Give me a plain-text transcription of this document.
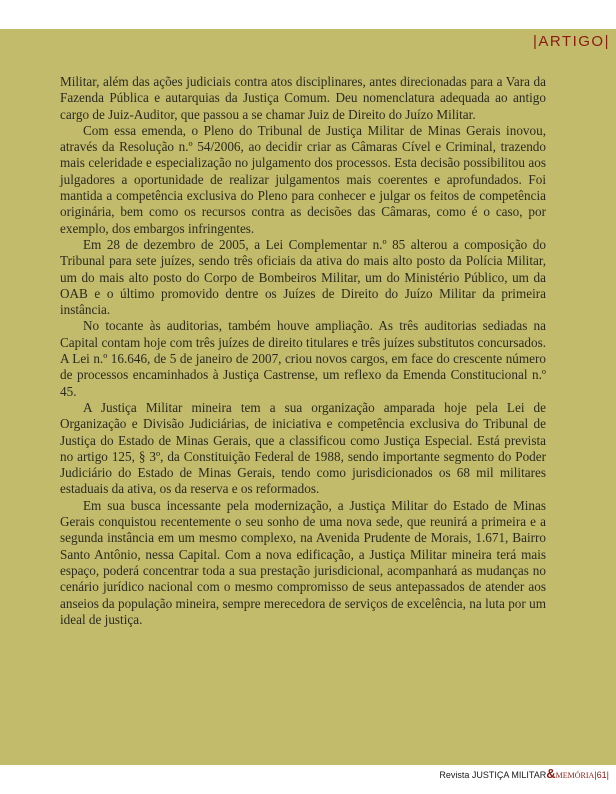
|ARTIGO|

Militar, além das ações judiciais contra atos disciplinares, antes direcionadas para a Vara da Fazenda Pública e autarquias da Justiça Comum. Deu nomenclatura adequada ao antigo cargo de Juiz-Auditor, que passou a se chamar Juiz de Direito do Juízo Militar.

Com essa emenda, o Pleno do Tribunal de Justiça Militar de Minas Gerais inovou, através da Resolução n.º 54/2006, ao decidir criar as Câmaras Cível e Criminal, trazendo mais celeridade e especialização no julgamento dos processos. Esta decisão possibilitou aos julgadores a oportunidade de realizar julgamentos mais coerentes e aprofundados. Foi mantida a competência exclusiva do Pleno para conhecer e julgar os feitos de competência originária, bem como os recursos contra as decisões das Câmaras, como é o caso, por exemplo, dos embargos infringentes.

Em 28 de dezembro de 2005, a Lei Complementar n.º 85 alterou a composição do Tribunal para sete juízes, sendo três oficiais da ativa do mais alto posto da Polícia Militar, um do mais alto posto do Corpo de Bombeiros Militar, um do Ministério Público, um da OAB e o último promovido dentre os Juízes de Direito do Juízo Militar da primeira instância.

No tocante às auditorias, também houve ampliação. As três auditorias sediadas na Capital contam hoje com três juízes de direito titulares e três juízes substitutos concursados. A Lei n.º 16.646, de 5 de janeiro de 2007, criou novos cargos, em face do crescente número de processos encaminhados à Justiça Castrense, um reflexo da Emenda Constitucional n.º 45.

A Justiça Militar mineira tem a sua organização amparada hoje pela Lei de Organização e Divisão Judiciárias, de iniciativa e competência exclusiva do Tribunal de Justiça do Estado de Minas Gerais, que a classificou como Justiça Especial. Está prevista no artigo 125, § 3º, da Constituição Federal de 1988, sendo importante segmento do Poder Judiciário do Estado de Minas Gerais, tendo como jurisdicionados os 68 mil militares estaduais da ativa, os da reserva e os reformados.

Em sua busca incessante pela modernização, a Justiça Militar do Estado de Minas Gerais conquistou recentemente o seu sonho de uma nova sede, que reunirá a primeira e a segunda instância em um mesmo complexo, na Avenida Prudente de Morais, 1.671, Bairro Santo Antônio, nessa Capital. Com a nova edificação, a Justiça Militar mineira terá mais espaço, poderá concentrar toda a sua prestação jurisdicional, acompanhará as mudanças no cenário jurídico nacional com o mesmo compromisso de seus antepassados de atender aos anseios da população mineira, sempre merecedora de serviços de excelência, na luta por um ideal de justiça.

Revista JUSTIÇA MILITAR&MEMÓRIA|61|
